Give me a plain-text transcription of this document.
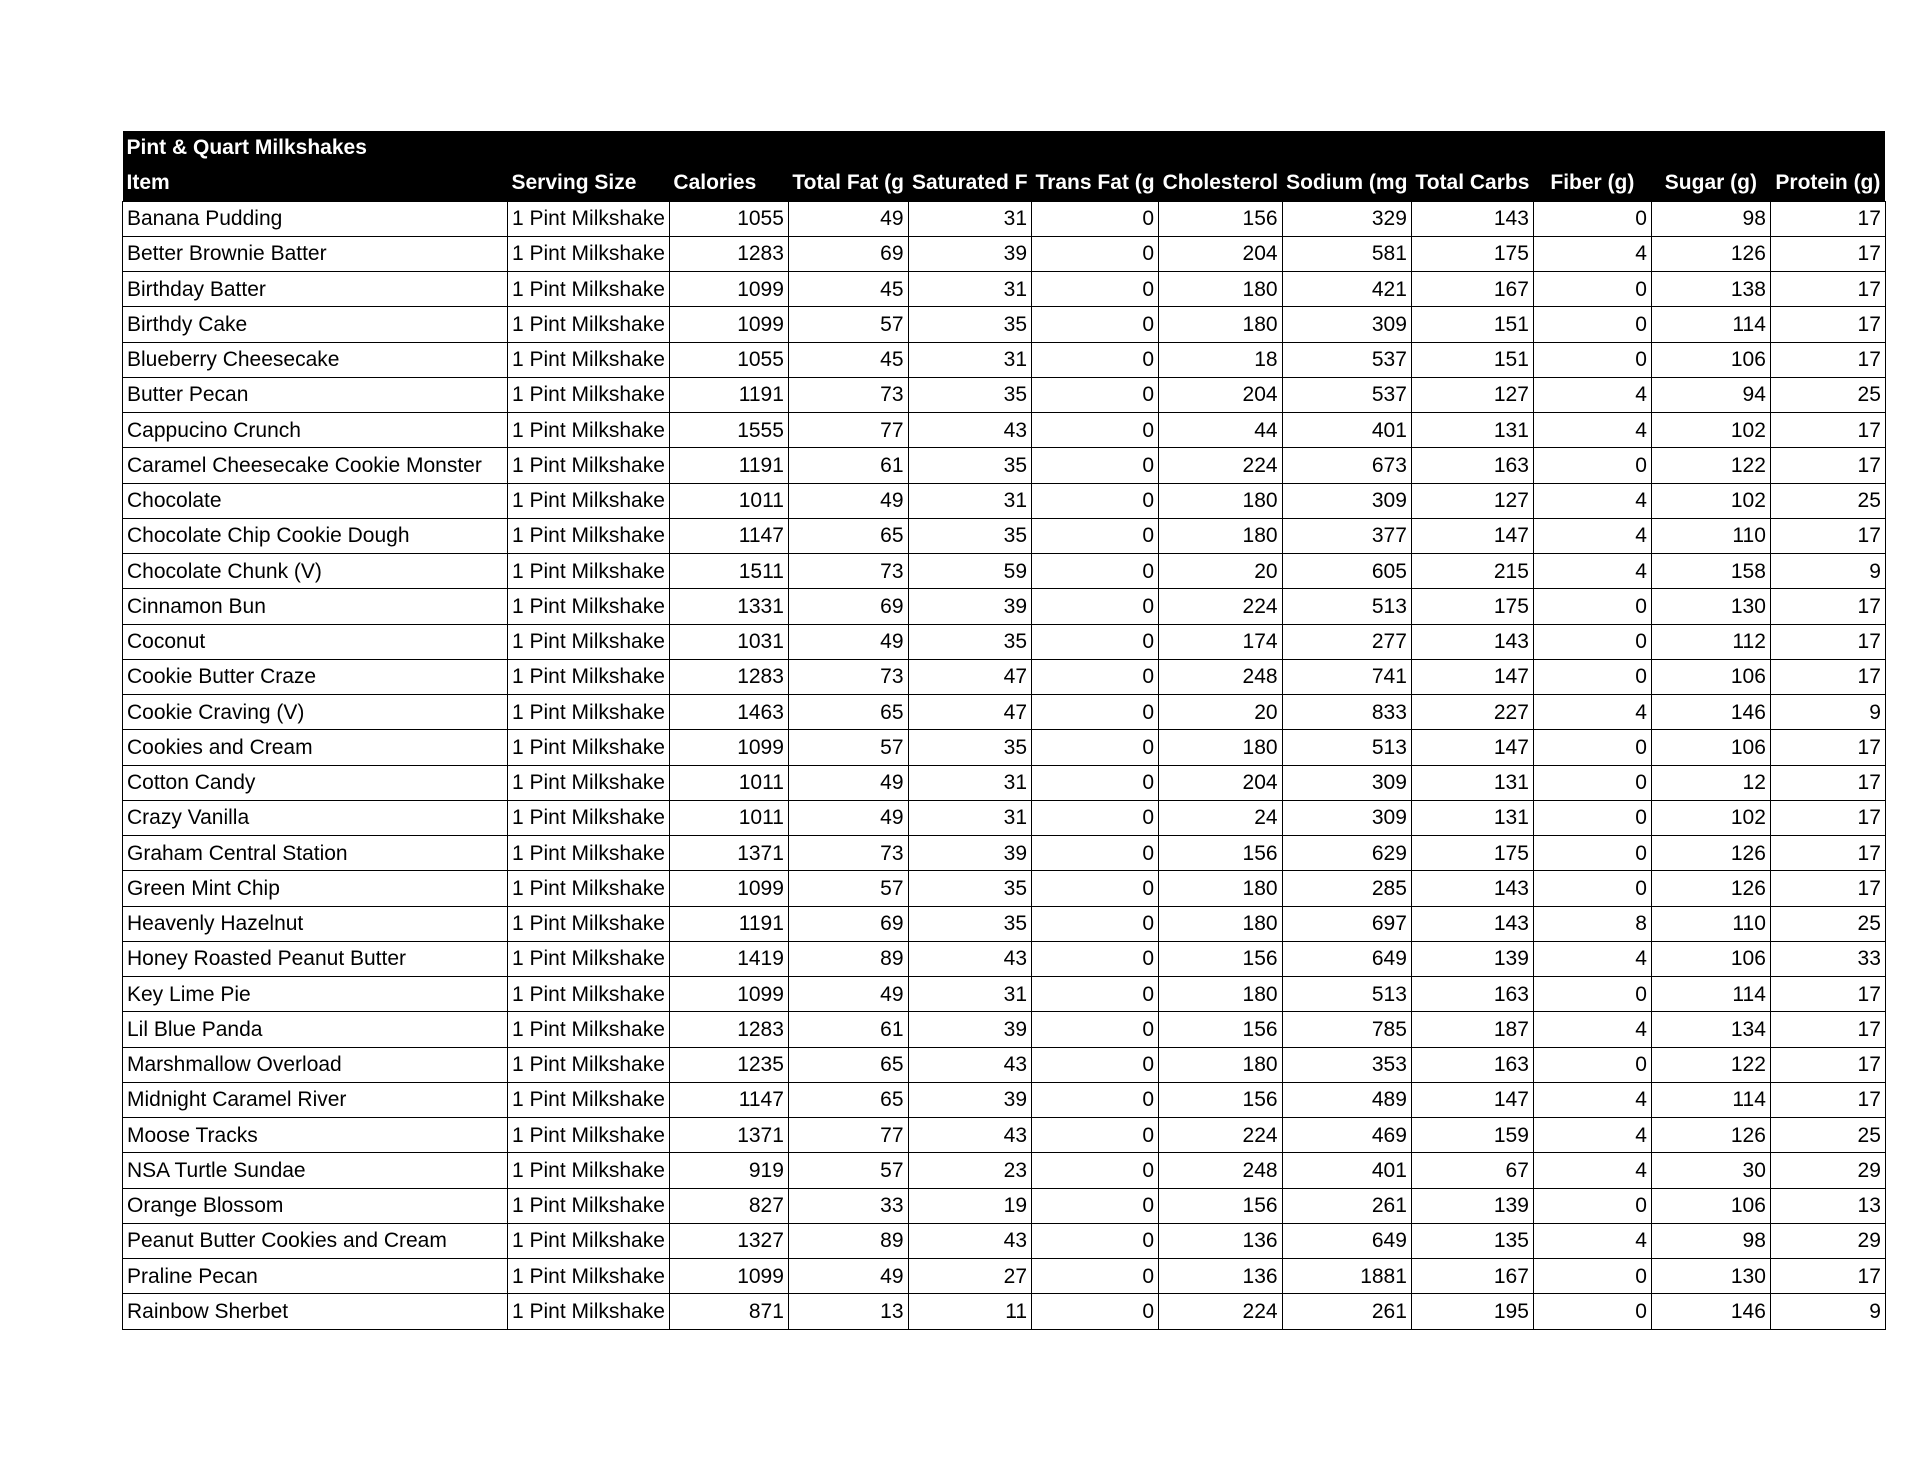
Pint & Quart Milkshakes											
Item	Serving Size	Calories	Total Fat (g	Saturated F	Trans Fat (g	Cholesterol	Sodium (mg	Total Carbs	Fiber (g)	Sugar (g)	Protein (g)
Banana Pudding	1 Pint Milkshake	1055	49	31	0	156	329	143	0	98	17
Better Brownie Batter	1 Pint Milkshake	1283	69	39	0	204	581	175	4	126	17
Birthday Batter	1 Pint Milkshake	1099	45	31	0	180	421	167	0	138	17
Birthdy Cake	1 Pint Milkshake	1099	57	35	0	180	309	151	0	114	17
Blueberry Cheesecake	1 Pint Milkshake	1055	45	31	0	18	537	151	0	106	17
Butter Pecan	1 Pint Milkshake	1191	73	35	0	204	537	127	4	94	25
Cappucino Crunch	1 Pint Milkshake	1555	77	43	0	44	401	131	4	102	17
Caramel Cheesecake Cookie Monster	1 Pint Milkshake	1191	61	35	0	224	673	163	0	122	17
Chocolate	1 Pint Milkshake	1011	49	31	0	180	309	127	4	102	25
Chocolate Chip Cookie Dough	1 Pint Milkshake	1147	65	35	0	180	377	147	4	110	17
Chocolate Chunk (V)	1 Pint Milkshake	1511	73	59	0	20	605	215	4	158	9
Cinnamon Bun	1 Pint Milkshake	1331	69	39	0	224	513	175	0	130	17
Coconut	1 Pint Milkshake	1031	49	35	0	174	277	143	0	112	17
Cookie Butter Craze	1 Pint Milkshake	1283	73	47	0	248	741	147	0	106	17
Cookie Craving (V)	1 Pint Milkshake	1463	65	47	0	20	833	227	4	146	9
Cookies and Cream	1 Pint Milkshake	1099	57	35	0	180	513	147	0	106	17
Cotton Candy	1 Pint Milkshake	1011	49	31	0	204	309	131	0	12	17
Crazy Vanilla	1 Pint Milkshake	1011	49	31	0	24	309	131	0	102	17
Graham Central Station	1 Pint Milkshake	1371	73	39	0	156	629	175	0	126	17
Green Mint Chip	1 Pint Milkshake	1099	57	35	0	180	285	143	0	126	17
Heavenly Hazelnut	1 Pint Milkshake	1191	69	35	0	180	697	143	8	110	25
Honey Roasted Peanut Butter	1 Pint Milkshake	1419	89	43	0	156	649	139	4	106	33
Key Lime Pie	1 Pint Milkshake	1099	49	31	0	180	513	163	0	114	17
Lil Blue Panda	1 Pint Milkshake	1283	61	39	0	156	785	187	4	134	17
Marshmallow Overload	1 Pint Milkshake	1235	65	43	0	180	353	163	0	122	17
Midnight Caramel River	1 Pint Milkshake	1147	65	39	0	156	489	147	4	114	17
Moose Tracks	1 Pint Milkshake	1371	77	43	0	224	469	159	4	126	25
NSA Turtle Sundae	1 Pint Milkshake	919	57	23	0	248	401	67	4	30	29
Orange Blossom	1 Pint Milkshake	827	33	19	0	156	261	139	0	106	13
Peanut Butter Cookies and Cream	1 Pint Milkshake	1327	89	43	0	136	649	135	4	98	29
Praline Pecan	1 Pint Milkshake	1099	49	27	0	136	1881	167	0	130	17
Rainbow Sherbet	1 Pint Milkshake	871	13	11	0	224	261	195	0	146	9
